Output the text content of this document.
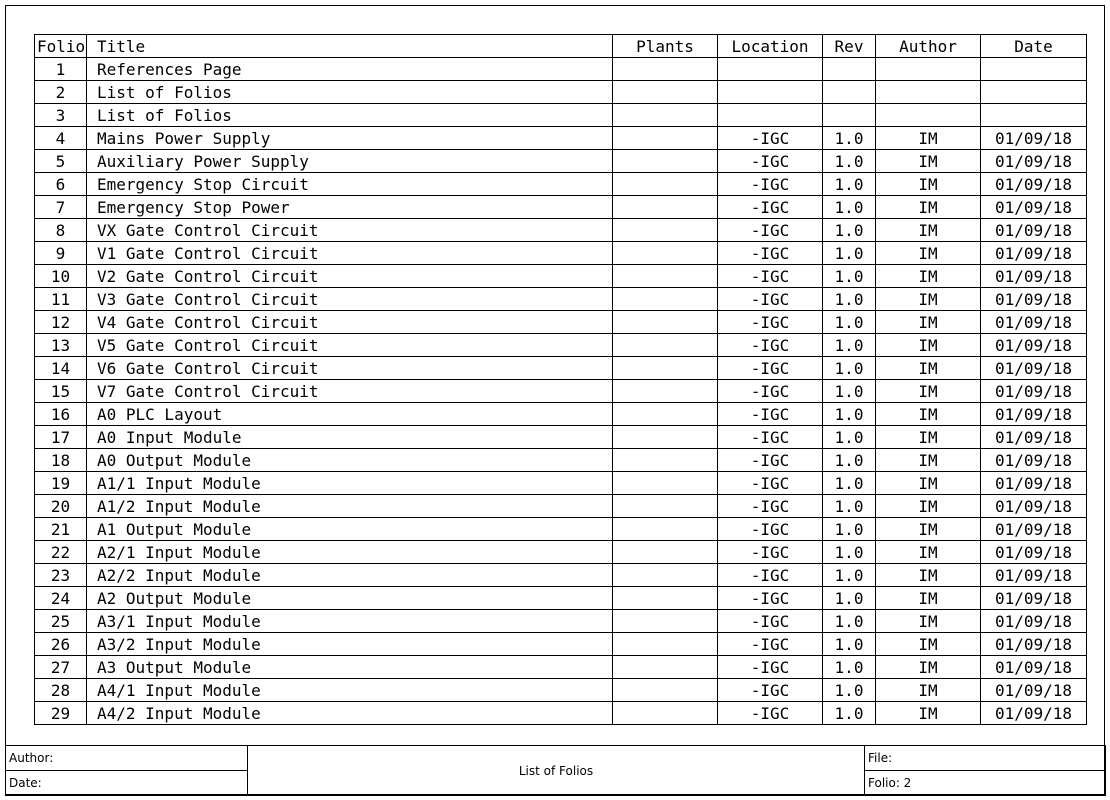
Folio	Title	Plants	Location	Rev	Author	Date
1	References Page					
2	List of Folios					
3	List of Folios					
4	Mains Power Supply		-IGC	1.0	IM	01/09/18
5	Auxiliary Power Supply		-IGC	1.0	IM	01/09/18
6	Emergency Stop Circuit		-IGC	1.0	IM	01/09/18
7	Emergency Stop Power		-IGC	1.0	IM	01/09/18
8	VX Gate Control Circuit		-IGC	1.0	IM	01/09/18
9	V1 Gate Control Circuit		-IGC	1.0	IM	01/09/18
10	V2 Gate Control Circuit		-IGC	1.0	IM	01/09/18
11	V3 Gate Control Circuit		-IGC	1.0	IM	01/09/18
12	V4 Gate Control Circuit		-IGC	1.0	IM	01/09/18
13	V5 Gate Control Circuit		-IGC	1.0	IM	01/09/18
14	V6 Gate Control Circuit		-IGC	1.0	IM	01/09/18
15	V7 Gate Control Circuit		-IGC	1.0	IM	01/09/18
16	A0 PLC Layout		-IGC	1.0	IM	01/09/18
17	A0 Input Module		-IGC	1.0	IM	01/09/18
18	A0 Output Module		-IGC	1.0	IM	01/09/18
19	A1/1 Input Module		-IGC	1.0	IM	01/09/18
20	A1/2 Input Module		-IGC	1.0	IM	01/09/18
21	A1 Output Module		-IGC	1.0	IM	01/09/18
22	A2/1 Input Module		-IGC	1.0	IM	01/09/18
23	A2/2 Input Module		-IGC	1.0	IM	01/09/18
24	A2 Output Module		-IGC	1.0	IM	01/09/18
25	A3/1 Input Module		-IGC	1.0	IM	01/09/18
26	A3/2 Input Module		-IGC	1.0	IM	01/09/18
27	A3 Output Module		-IGC	1.0	IM	01/09/18
28	A4/1 Input Module		-IGC	1.0	IM	01/09/18
29	A4/2 Input Module		-IGC	1.0	IM	01/09/18
Author:	List of Folios	File:
Date:		Folio: 2
